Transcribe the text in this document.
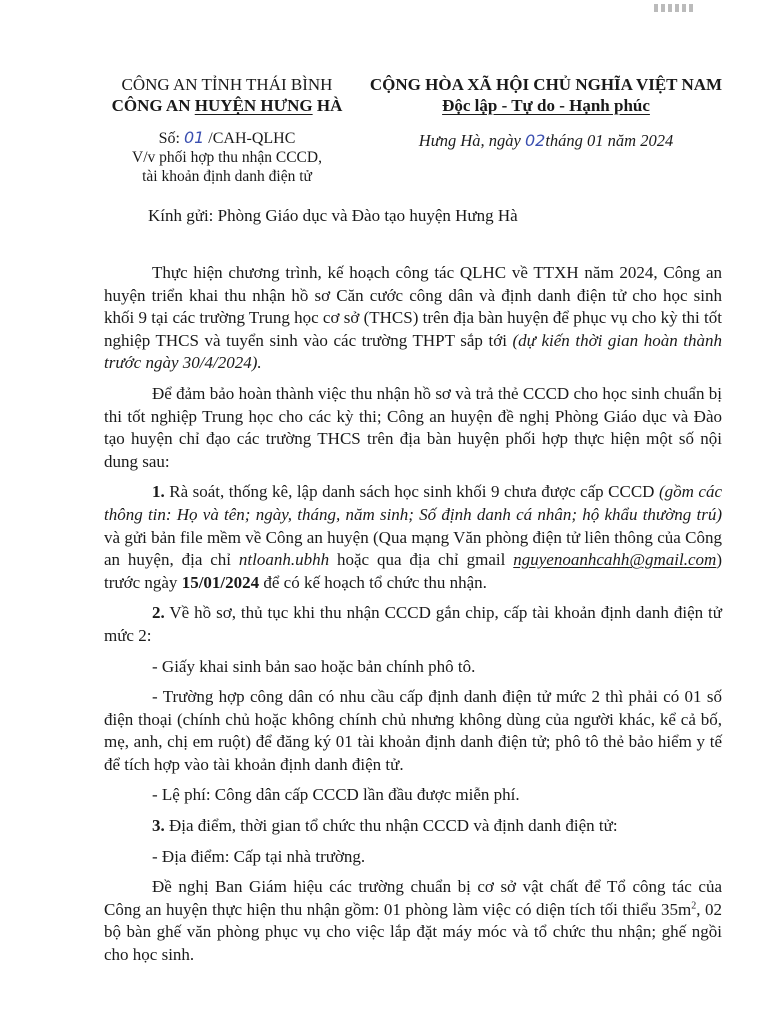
CÔNG AN TỈNH THÁI BÌNH
CÔNG AN HUYỆN HƯNG HÀ
CỘNG HÒA XÃ HỘI CHỦ NGHĨA VIỆT NAM
Độc lập - Tự do - Hạnh phúc
Số: 01 /CAH-QLHC
V/v phối hợp thu nhận CCCD,
tài khoản định danh điện tử
Hưng Hà, ngày 02tháng 01 năm 2024
Kính gửi: Phòng Giáo dục và Đào tạo huyện Hưng Hà

Thực hiện chương trình, kế hoạch công tác QLHC về TTXH năm 2024, Công an huyện triển khai thu nhận hồ sơ Căn cước công dân và định danh điện tử cho học sinh khối 9 tại các trường Trung học cơ sở (THCS) trên địa bàn huyện để phục vụ cho kỳ thi tốt nghiệp THCS và tuyển sinh vào các trường THPT sắp tới (dự kiến thời gian hoàn thành trước ngày 30/4/2024).

Để đảm bảo hoàn thành việc thu nhận hồ sơ và trả thẻ CCCD cho học sinh chuẩn bị thi tốt nghiệp Trung học cho các kỳ thi; Công an huyện đề nghị Phòng Giáo dục và Đào tạo huyện chỉ đạo các trường THCS trên địa bàn huyện phối hợp thực hiện một số nội dung sau:

1. Rà soát, thống kê, lập danh sách học sinh khối 9 chưa được cấp CCCD (gồm các thông tin: Họ và tên; ngày, tháng, năm sinh; Số định danh cá nhân; hộ khẩu thường trú) và gửi bản file mềm về Công an huyện (Qua mạng Văn phòng điện tử liên thông của Công an huyện, địa chỉ ntloanh.ubhh hoặc qua địa chỉ gmail nguyenoanhcahh@gmail.com) trước ngày 15/01/2024 để có kế hoạch tổ chức thu nhận.

2. Về hồ sơ, thủ tục khi thu nhận CCCD gắn chip, cấp tài khoản định danh điện tử mức 2:

- Giấy khai sinh bản sao hoặc bản chính phô tô.

- Trường hợp công dân có nhu cầu cấp định danh điện tử mức 2 thì phải có 01 số điện thoại (chính chủ hoặc không chính chủ nhưng không dùng của người khác, kể cả bố, mẹ, anh, chị em ruột) để đăng ký 01 tài khoản định danh điện tử; phô tô thẻ bảo hiểm y tế để tích hợp vào tài khoản định danh điện tử.

- Lệ phí: Công dân cấp CCCD lần đầu được miễn phí.

3. Địa điểm, thời gian tổ chức thu nhận CCCD và định danh điện tử:

- Địa điểm: Cấp tại nhà trường.

Đề nghị Ban Giám hiệu các trường chuẩn bị cơ sở vật chất để Tổ công tác của Công an huyện thực hiện thu nhận gồm: 01 phòng làm việc có diện tích tối thiểu $35m^2$, 02 bộ bàn ghế văn phòng phục vụ cho việc lắp đặt máy móc và tổ chức thu nhận; ghế ngồi cho học sinh.
